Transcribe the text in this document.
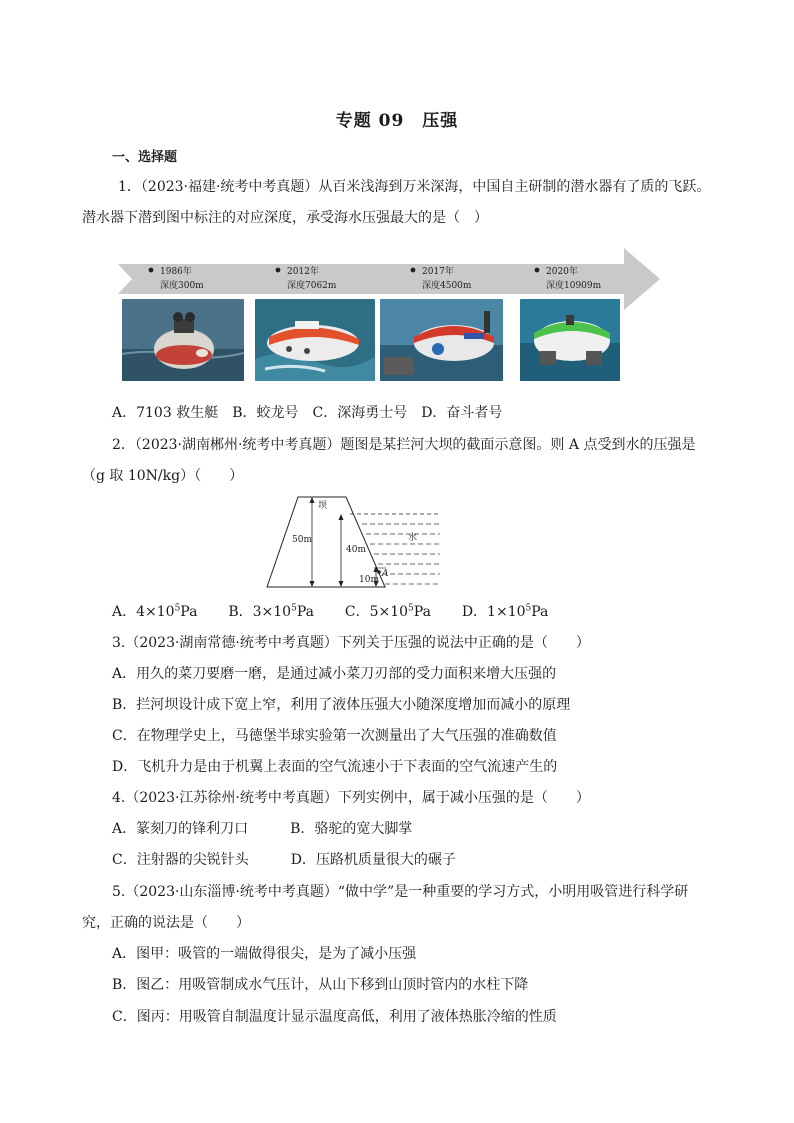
专题 09　压强
一、选择题
1．（2023·福建·统考中考真题）从百米浅海到万米深海，中国自主研制的潜水器有了质的飞跃。
潜水器下潜到图中标注的对应深度，承受海水压强最大的是（　）
1986年
深度300m
2012年
深度7062m
2017年
深度4500m
2020年
深度10909m
A．7103 救生艇　B．蛟龙号　C．深海勇士号　D．奋斗者号
2．（2023·湖南郴州·统考中考真题）题图是某拦河大坝的截面示意图。则 A 点受到水的压强是
（g 取 10N/kg）（　　）
坝
水
50m
40m
10m
A
A．$4\times 10^5Pa$ B．$3\times 10^5Pa$ C．$5\times 10^5Pa$ D．$1\times 10^5Pa$
3.（2023·湖南常德·统考中考真题）下列关于压强的说法中正确的是（　　）
A．用久的菜刀要磨一磨，是通过减小菜刀刃部的受力面积来增大压强的
B．拦河坝设计成下宽上窄，利用了液体压强大小随深度增加而减小的原理
C．在物理学史上，马德堡半球实验第一次测量出了大气压强的准确数值
D．飞机升力是由于机翼上表面的空气流速小于下表面的空气流速产生的
4.（2023·江苏徐州·统考中考真题）下列实例中，属于减小压强的是（　　）
A．篆刻刀的锋利刀口　　　B．骆驼的宽大脚掌
C．注射器的尖锐针头　　　D．压路机质量很大的碾子
5.（2023·山东淄博·统考中考真题）“做中学”是一种重要的学习方式，小明用吸管进行科学研
究，正确的说法是（　　）
A．图甲：吸管的一端做得很尖，是为了减小压强
B．图乙：用吸管制成水气压计，从山下移到山顶时管内的水柱下降
C．图丙：用吸管自制温度计显示温度高低，利用了液体热胀冷缩的性质
